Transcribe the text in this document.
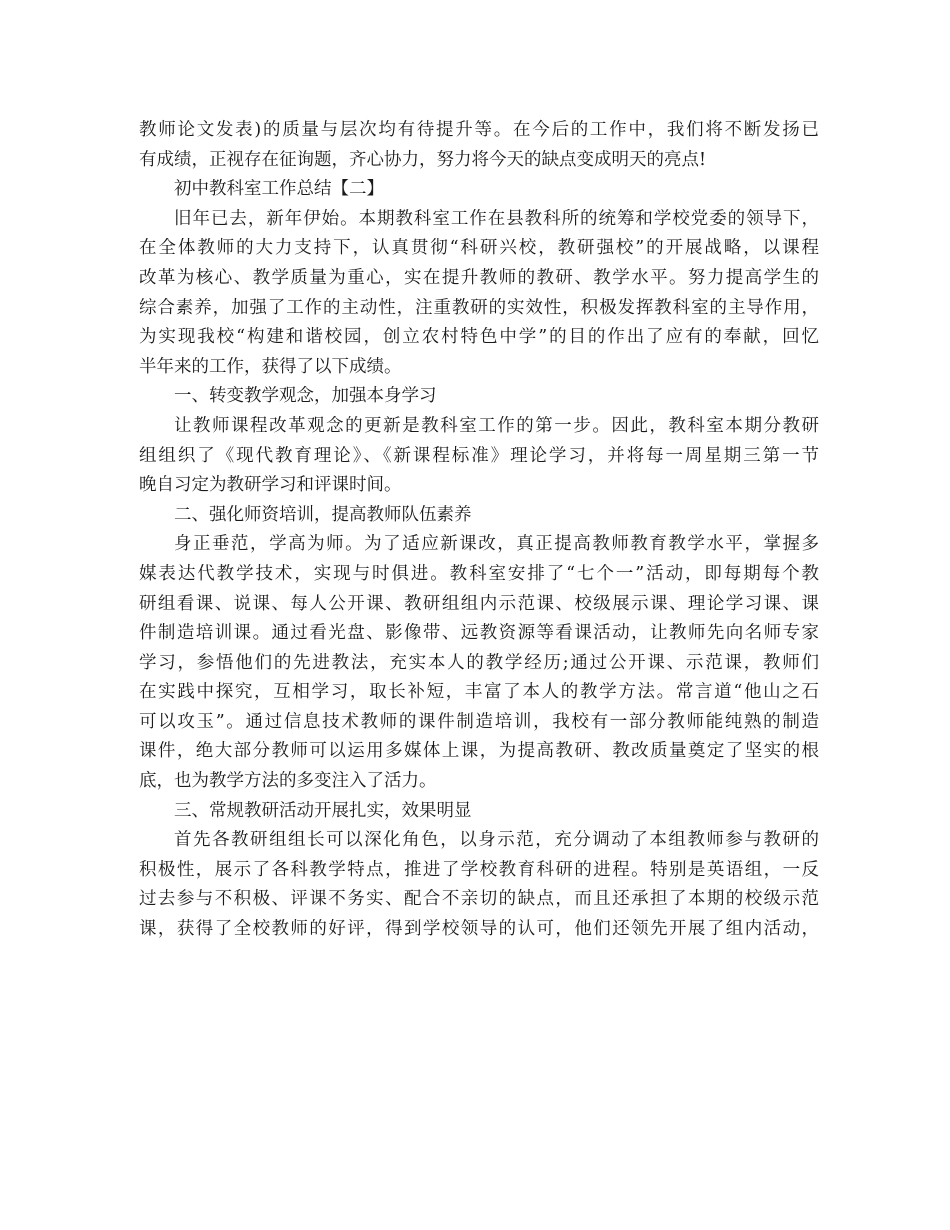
教师论文发表)的质量与层次均有待提升等。在今后的工作中，我们将不断发扬已
有成绩，正视存在征询题，齐心协力，努力将今天的缺点变成明天的亮点!
初中教科室工作总结【二】
旧年已去，新年伊始。本期教科室工作在县教科所的统筹和学校党委的领导下，
在全体教师的大力支持下，认真贯彻“科研兴校，教研强校”的开展战略，以课程
改革为核心、教学质量为重心，实在提升教师的教研、教学水平。努力提高学生的
综合素养，加强了工作的主动性，注重教研的实效性，积极发挥教科室的主导作用，
为实现我校“构建和谐校园，创立农村特色中学”的目的作出了应有的奉献，回忆
半年来的工作，获得了以下成绩。
一、转变教学观念，加强本身学习
让教师课程改革观念的更新是教科室工作的第一步。因此，教科室本期分教研
组组织了《现代教育理论》、《新课程标准》理论学习，并将每一周星期三第一节
晚自习定为教研学习和评课时间。
二、强化师资培训，提高教师队伍素养
身正垂范，学高为师。为了适应新课改，真正提高教师教育教学水平，掌握多
媒表达代教学技术，实现与时俱进。教科室安排了“七个一”活动，即每期每个教
研组看课、说课、每人公开课、教研组组内示范课、校级展示课、理论学习课、课
件制造培训课。通过看光盘、影像带、远教资源等看课活动，让教师先向名师专家
学习，参悟他们的先进教法，充实本人的教学经历;通过公开课、示范课，教师们
在实践中探究，互相学习，取长补短，丰富了本人的教学方法。常言道“他山之石
可以攻玉”。通过信息技术教师的课件制造培训，我校有一部分教师能纯熟的制造
课件，绝大部分教师可以运用多媒体上课，为提高教研、教改质量奠定了坚实的根
底，也为教学方法的多变注入了活力。
三、常规教研活动开展扎实，效果明显
首先各教研组组长可以深化角色，以身示范，充分调动了本组教师参与教研的
积极性，展示了各科教学特点，推进了学校教育科研的进程。特别是英语组，一反
过去参与不积极、评课不务实、配合不亲切的缺点，而且还承担了本期的校级示范
课，获得了全校教师的好评，得到学校领导的认可，他们还领先开展了组内活动，
